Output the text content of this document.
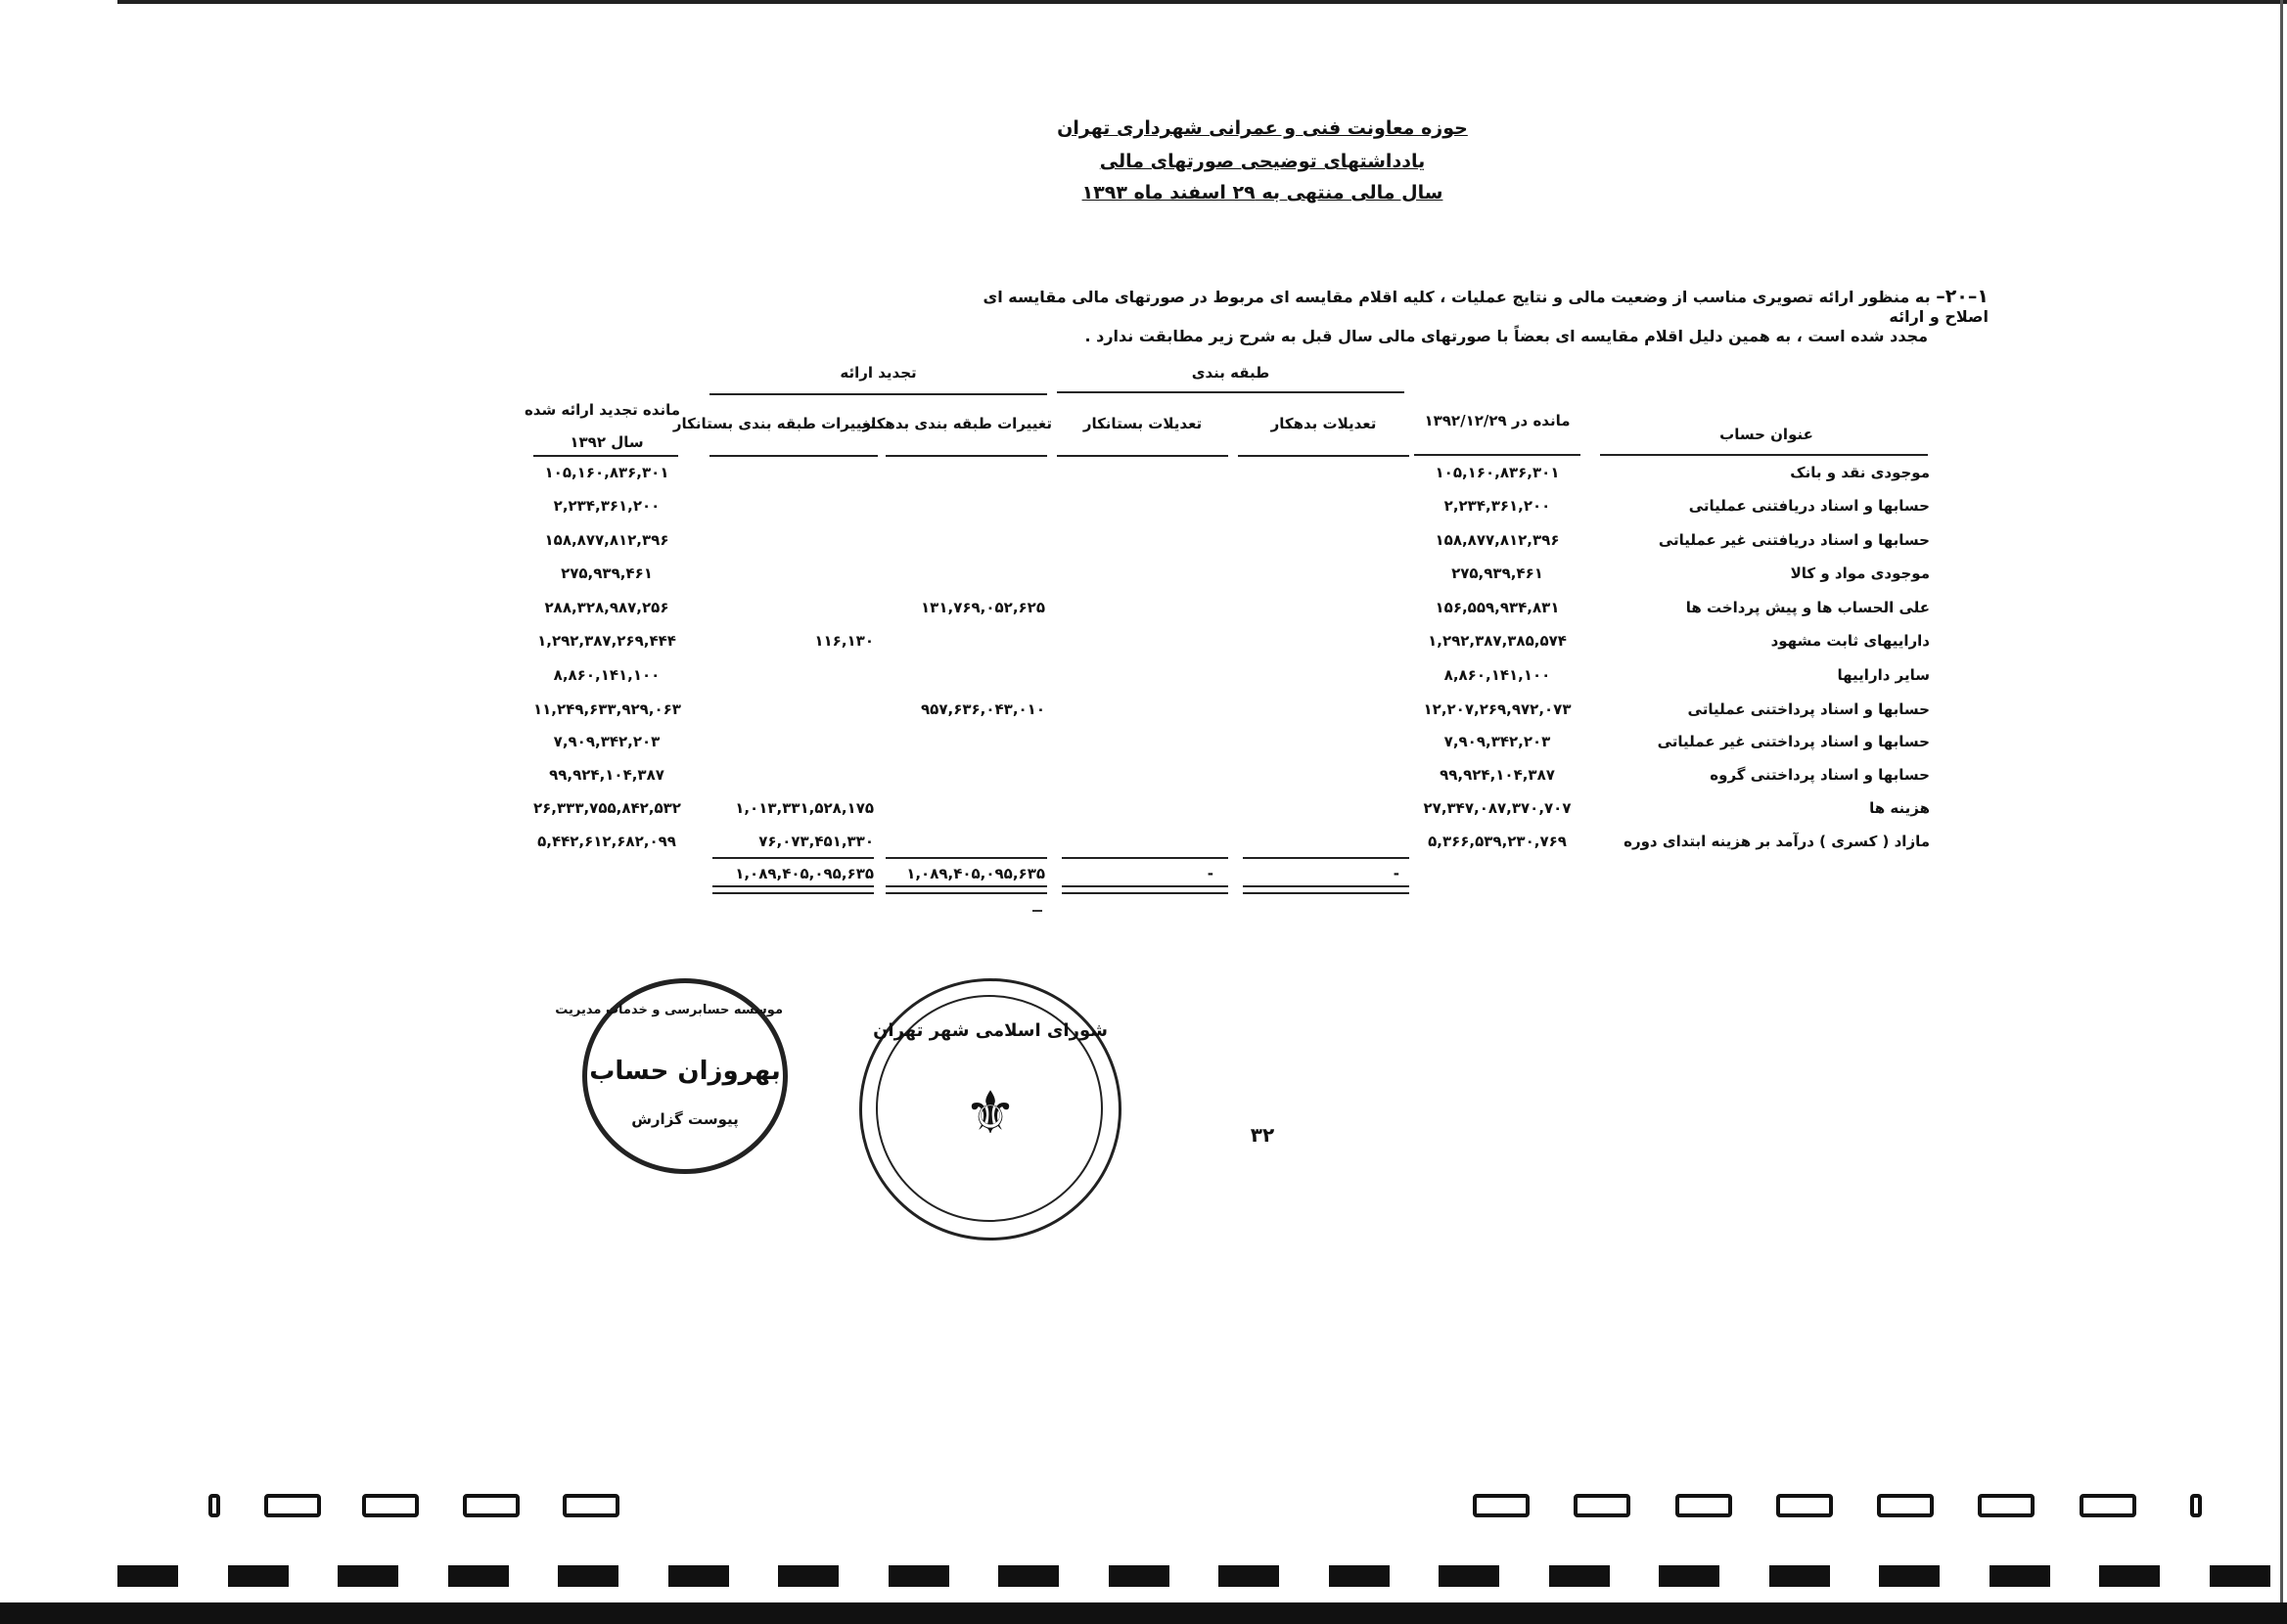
حوزه معاونت فنی و عمرانی شهرداری تهران
یادداشتهای توضیحی صورتهای مالی
سال مالی منتهی به ۲۹ اسفند ماه ۱۳۹۳
۱–۲۰– به منظور ارائه تصویری مناسب از وضعیت مالی و نتایج عملیات ، کلیه اقلام مقایسه ای مربوط در صورتهای مالی مقایسه ای اصلاح و ارائه
مجدد شده است ، به همین دلیل اقلام مقایسه ای بعضاً با صورتهای مالی سال قبل به شرح زیر مطابقت ندارد .
طبقه بندی
تجدید ارائه
عنوان حساب
مانده در ۱۳۹۲/۱۲/۲۹
تعدیلات بدهکار
تعدیلات بستانکار
تغییرات طبقه بندی بدهکار
تغییرات طبقه بندی بستانکار
مانده تجدید ارائه شده
سال ۱۳۹۲
موجودی نقد و بانک
۱۰۵,۱۶۰,۸۳۶,۳۰۱
۱۰۵,۱۶۰,۸۳۶,۳۰۱
حسابها و اسناد دریافتنی عملیاتی
۲,۲۳۴,۳۶۱,۲۰۰
۲,۲۳۴,۳۶۱,۲۰۰
حسابها و اسناد دریافتنی غیر عملیاتی
۱۵۸,۸۷۷,۸۱۲,۳۹۶
۱۵۸,۸۷۷,۸۱۲,۳۹۶
موجودی مواد و کالا
۲۷۵,۹۳۹,۴۶۱
۲۷۵,۹۳۹,۴۶۱
علی الحساب ها و پیش پرداخت ها
۱۵۶,۵۵۹,۹۳۴,۸۳۱
۱۳۱,۷۶۹,۰۵۲,۶۲۵
۲۸۸,۳۲۸,۹۸۷,۲۵۶
داراییهای ثابت مشهود
۱,۲۹۲,۳۸۷,۳۸۵,۵۷۴
۱۱۶,۱۳۰
۱,۲۹۲,۳۸۷,۲۶۹,۴۴۴
سایر داراییها
۸,۸۶۰,۱۴۱,۱۰۰
۸,۸۶۰,۱۴۱,۱۰۰
حسابها و اسناد پرداختنی عملیاتی
۱۲,۲۰۷,۲۶۹,۹۷۲,۰۷۳
۹۵۷,۶۳۶,۰۴۳,۰۱۰
۱۱,۲۴۹,۶۳۳,۹۲۹,۰۶۳
حسابها و اسناد پرداختنی غیر عملیاتی
۷,۹۰۹,۳۴۲,۲۰۳
۷,۹۰۹,۳۴۲,۲۰۳
حسابها و اسناد پرداختنی گروه
۹۹,۹۲۴,۱۰۴,۳۸۷
۹۹,۹۲۴,۱۰۴,۳۸۷
هزینه ها
۲۷,۳۴۷,۰۸۷,۳۷۰,۷۰۷
۱,۰۱۳,۳۳۱,۵۲۸,۱۷۵
۲۶,۳۳۳,۷۵۵,۸۴۲,۵۳۲
مازاد ( کسری ) درآمد بر هزینه ابتدای دوره
۵,۳۶۶,۵۳۹,۲۳۰,۷۶۹
۷۶,۰۷۳,۴۵۱,۳۳۰
۵,۴۴۲,۶۱۲,۶۸۲,۰۹۹
-
-
۱,۰۸۹,۴۰۵,۰۹۵,۶۳۵
۱,۰۸۹,۴۰۵,۰۹۵,۶۳۵
موسسه حسابرسی و خدمات مدیریت
بهروزان حساب
پیوست گزارش
شورای اسلامی شهر تهران
⚜	۳۲
